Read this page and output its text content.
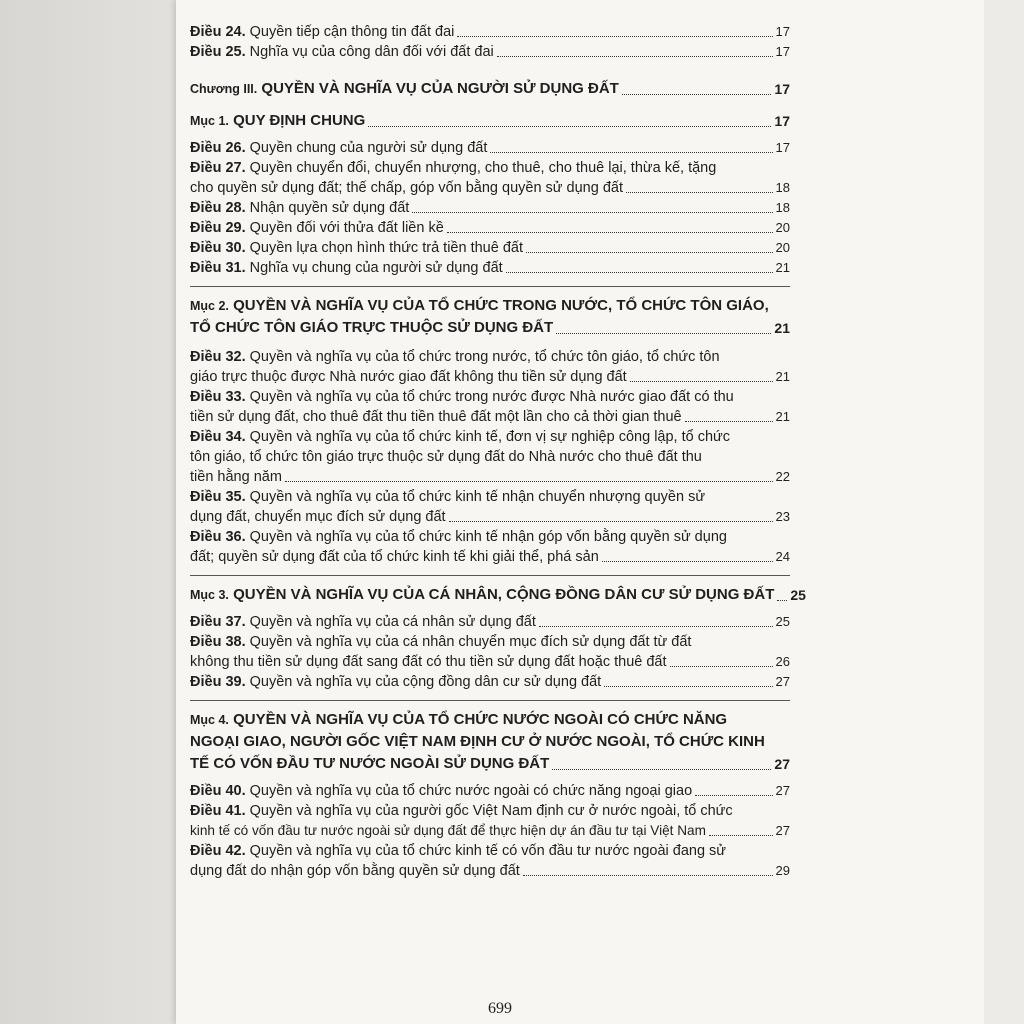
Điều 24. Quyền tiếp cận thông tin đất đai	17
Điều 25. Nghĩa vụ của công dân đối với đất đai	17
Chương III. QUYỀN VÀ NGHĨA VỤ CỦA NGƯỜI SỬ DỤNG ĐẤT	17
Mục 1. QUY ĐỊNH CHUNG	17
Điều 26. Quyền chung của người sử dụng đất	17
Điều 27. Quyền chuyển đổi, chuyển nhượng, cho thuê, cho thuê lại, thừa kế, tặng
cho quyền sử dụng đất; thế chấp, góp vốn bằng quyền sử dụng đất	18
Điều 28. Nhận quyền sử dụng đất	18
Điều 29. Quyền đối với thửa đất liền kề	20
Điều 30. Quyền lựa chọn hình thức trả tiền thuê đất	20
Điều 31. Nghĩa vụ chung của người sử dụng đất	21
Mục 2. QUYỀN VÀ NGHĨA VỤ CỦA TỔ CHỨC TRONG NƯỚC, TỔ CHỨC TÔN GIÁO,
TỔ CHỨC TÔN GIÁO TRỰC THUỘC SỬ DỤNG ĐẤT	21
Điều 32. Quyền và nghĩa vụ của tổ chức trong nước, tổ chức tôn giáo, tổ chức tôn
giáo trực thuộc được Nhà nước giao đất không thu tiền sử dụng đất	21
Điều 33. Quyền và nghĩa vụ của tổ chức trong nước được Nhà nước giao đất có thu
tiền sử dụng đất, cho thuê đất thu tiền thuê đất một lần cho cả thời gian thuê	21
Điều 34. Quyền và nghĩa vụ của tổ chức kinh tế, đơn vị sự nghiệp công lập, tổ chức
tôn giáo, tổ chức tôn giáo trực thuộc sử dụng đất do Nhà nước cho thuê đất thu
tiền hằng năm	22
Điều 35. Quyền và nghĩa vụ của tổ chức kinh tế nhận chuyển nhượng quyền sử
dụng đất, chuyển mục đích sử dụng đất	23
Điều 36. Quyền và nghĩa vụ của tổ chức kinh tế nhận góp vốn bằng quyền sử dụng
đất; quyền sử dụng đất của tổ chức kinh tế khi giải thể, phá sản	24
Mục 3. QUYỀN VÀ NGHĨA VỤ CỦA CÁ NHÂN, CỘNG ĐỒNG DÂN CƯ SỬ DỤNG ĐẤT 25
Điều 37. Quyền và nghĩa vụ của cá nhân sử dụng đất	25
Điều 38. Quyền và nghĩa vụ của cá nhân chuyển mục đích sử dụng đất từ đất
không thu tiền sử dụng đất sang đất có thu tiền sử dụng đất hoặc thuê đất	26
Điều 39. Quyền và nghĩa vụ của cộng đồng dân cư sử dụng đất	27
Mục 4. QUYỀN VÀ NGHĨA VỤ CỦA TỔ CHỨC NƯỚC NGOÀI CÓ CHỨC NĂNG
NGOẠI GIAO, NGƯỜI GỐC VIỆT NAM ĐỊNH CƯ Ở NƯỚC NGOÀI, TỔ CHỨC KINH
TẾ CÓ VỐN ĐẦU TƯ NƯỚC NGOÀI SỬ DỤNG ĐẤT	27
Điều 40. Quyền và nghĩa vụ của tổ chức nước ngoài có chức năng ngoại giao	27
Điều 41. Quyền và nghĩa vụ của người gốc Việt Nam định cư ở nước ngoài, tổ chức
kinh tế có vốn đầu tư nước ngoài sử dụng đất để thực hiện dự án đầu tư tại Việt Nam	27
Điều 42. Quyền và nghĩa vụ của tổ chức kinh tế có vốn đầu tư nước ngoài đang sử
dụng đất do nhận góp vốn bằng quyền sử dụng đất	29
699
